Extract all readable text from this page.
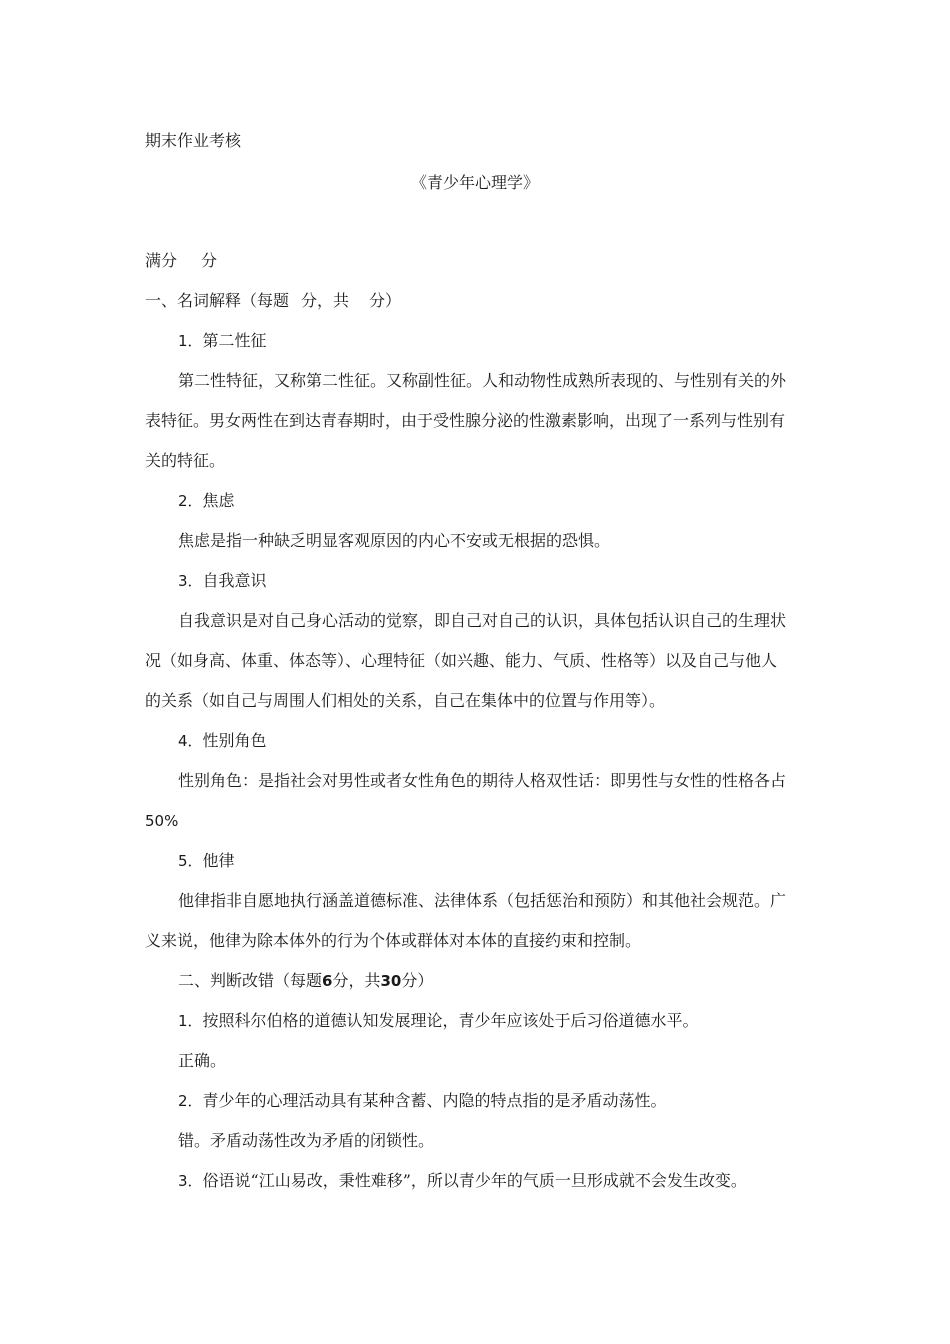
期末作业考核
《青少年心理学》
满分 分
一、名词解释（每题 分，共 分）
1．第二性征
第二性特征，又称第二性征。又称副性征。人和动物性成熟所表现的、与性别有关的外
表特征。男女两性在到达青春期时，由于受性腺分泌的性激素影响，出现了一系列与性别有
关的特征。
2．焦虑
焦虑是指一种缺乏明显客观原因的内心不安或无根据的恐惧。
3．自我意识
自我意识是对自己身心活动的觉察，即自己对自己的认识，具体包括认识自己的生理状
况（如身高、体重、体态等）、心理特征（如兴趣、能力、气质、性格等）以及自己与他人
的关系（如自己与周围人们相处的关系，自己在集体中的位置与作用等）。
4．性别角色
性别角色：是指社会对男性或者女性角色的期待人格双性话：即男性与女性的性格各占
50%
5．他律
他律指非自愿地执行涵盖道德标准、法律体系（包括惩治和预防）和其他社会规范。广
义来说，他律为除本体外的行为个体或群体对本体的直接约束和控制。
二、判断改错（每题6分，共30分）
1．按照科尔伯格的道德认知发展理论，青少年应该处于后习俗道德水平。
正确。
2．青少年的心理活动具有某种含蓄、内隐的特点指的是矛盾动荡性。
错。矛盾动荡性改为矛盾的闭锁性。
3．俗语说“江山易改，秉性难移”，所以青少年的气质一旦形成就不会发生改变。
